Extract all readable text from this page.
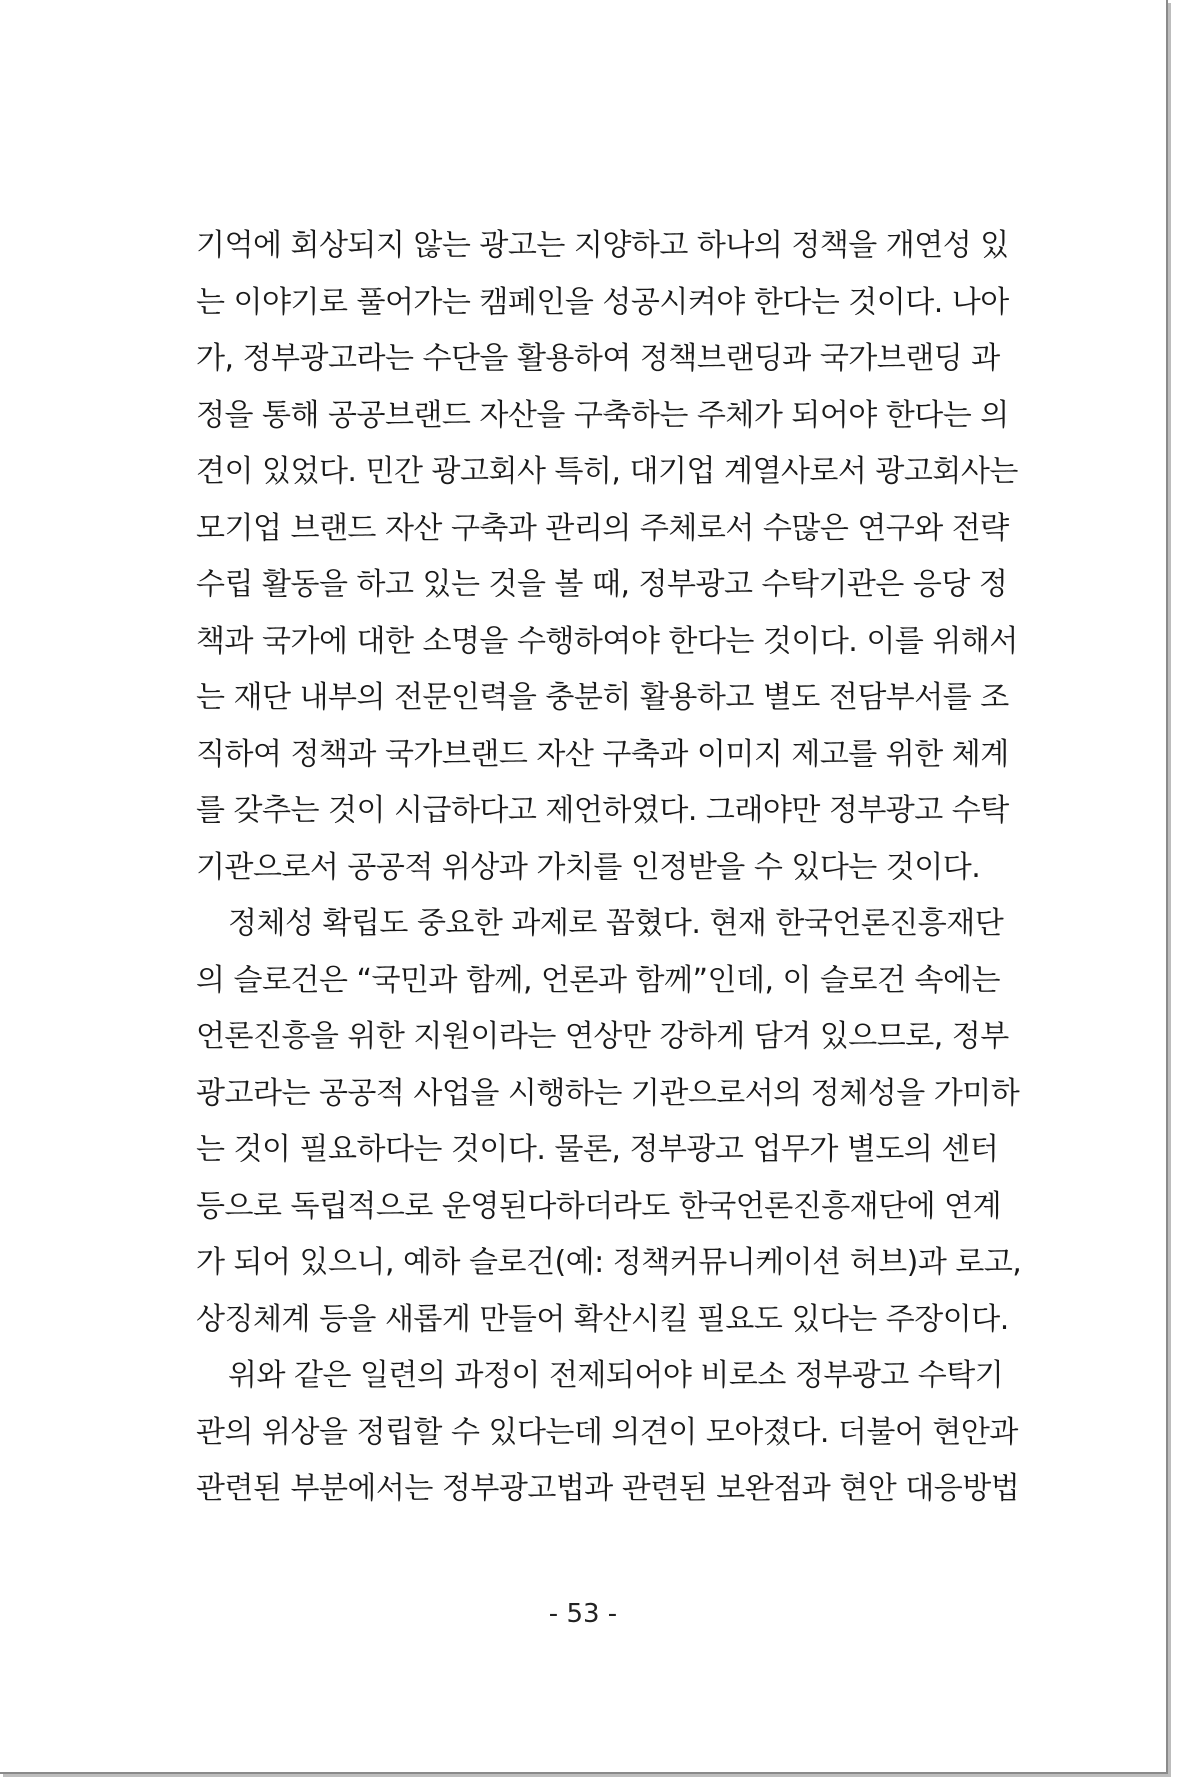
기억에 회상되지 않는 광고는 지양하고 하나의 정책을 개연성 있
는 이야기로 풀어가는 캠페인을 성공시켜야 한다는 것이다. 나아
가, 정부광고라는 수단을 활용하여 정책브랜딩과 국가브랜딩 과
정을 통해 공공브랜드 자산을 구축하는 주체가 되어야 한다는 의
견이 있었다. 민간 광고회사 특히, 대기업 계열사로서 광고회사는
모기업 브랜드 자산 구축과 관리의 주체로서 수많은 연구와 전략
수립 활동을 하고 있는 것을 볼 때, 정부광고 수탁기관은 응당 정
책과 국가에 대한 소명을 수행하여야 한다는 것이다. 이를 위해서
는 재단 내부의 전문인력을 충분히 활용하고 별도 전담부서를 조
직하여 정책과 국가브랜드 자산 구축과 이미지 제고를 위한 체계
를 갖추는 것이 시급하다고 제언하였다. 그래야만 정부광고 수탁
기관으로서 공공적 위상과 가치를 인정받을 수 있다는 것이다.
정체성 확립도 중요한 과제로 꼽혔다. 현재 한국언론진흥재단
의 슬로건은 “국민과 함께, 언론과 함께”인데, 이 슬로건 속에는
언론진흥을 위한 지원이라는 연상만 강하게 담겨 있으므로, 정부
광고라는 공공적 사업을 시행하는 기관으로서의 정체성을 가미하
는 것이 필요하다는 것이다. 물론, 정부광고 업무가 별도의 센터
등으로 독립적으로 운영된다하더라도 한국언론진흥재단에 연계
가 되어 있으니, 예하 슬로건(예: 정책커뮤니케이션 허브)과 로고,
상징체계 등을 새롭게 만들어 확산시킬 필요도 있다는 주장이다.
위와 같은 일련의 과정이 전제되어야 비로소 정부광고 수탁기
관의 위상을 정립할 수 있다는데 의견이 모아졌다. 더불어 현안과
관련된 부분에서는 정부광고법과 관련된 보완점과 현안 대응방법
- 53 -
